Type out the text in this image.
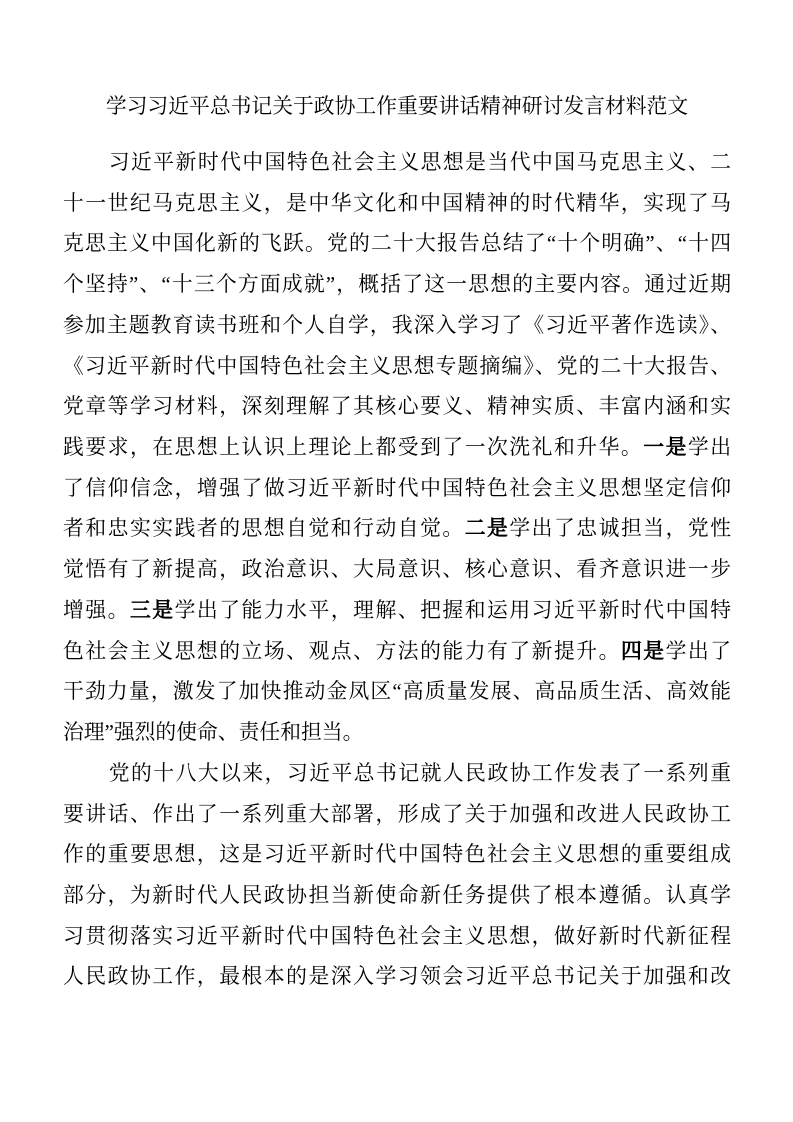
学习习近平总书记关于政协工作重要讲话精神研讨发言材料范文
习近平新时代中国特色社会主义思想是当代中国马克思主义、二
十一世纪马克思主义，是中华文化和中国精神的时代精华，实现了马
克思主义中国化新的飞跃。党的二十大报告总结了“十个明确”、“十四
个坚持”、“十三个方面成就”，概括了这一思想的主要内容。通过近期
参加主题教育读书班和个人自学，我深入学习了《习近平著作选读》、
《习近平新时代中国特色社会主义思想专题摘编》、党的二十大报告、
党章等学习材料，深刻理解了其核心要义、精神实质、丰富内涵和实
践要求，在思想上认识上理论上都受到了一次洗礼和升华。一是学出
了信仰信念，增强了做习近平新时代中国特色社会主义思想坚定信仰
者和忠实实践者的思想自觉和行动自觉。二是学出了忠诚担当，党性
觉悟有了新提高，政治意识、大局意识、核心意识、看齐意识进一步
增强。三是学出了能力水平，理解、把握和运用习近平新时代中国特
色社会主义思想的立场、观点、方法的能力有了新提升。四是学出了
干劲力量，激发了加快推动金凤区“高质量发展、高品质生活、高效能
治理”强烈的使命、责任和担当。
党的十八大以来，习近平总书记就人民政协工作发表了一系列重
要讲话、作出了一系列重大部署，形成了关于加强和改进人民政协工
作的重要思想，这是习近平新时代中国特色社会主义思想的重要组成
部分，为新时代人民政协担当新使命新任务提供了根本遵循。认真学
习贯彻落实习近平新时代中国特色社会主义思想，做好新时代新征程
人民政协工作，最根本的是深入学习领会习近平总书记关于加强和改
